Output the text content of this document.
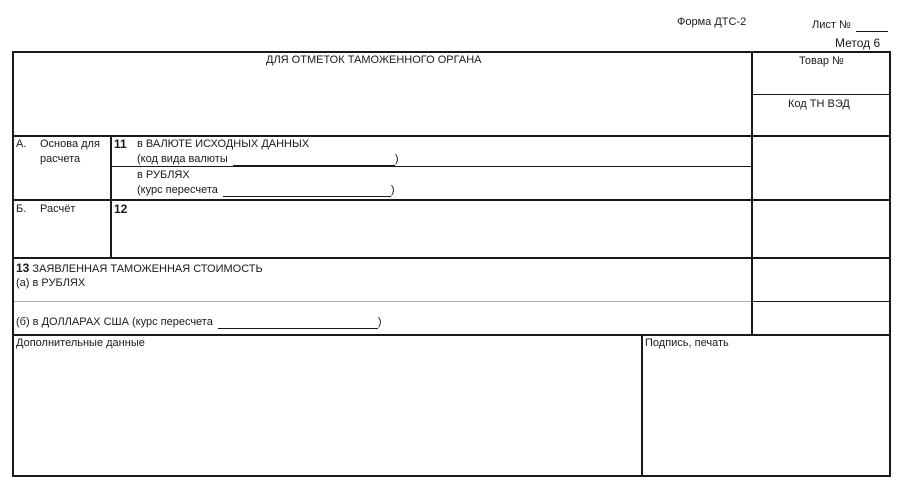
Форма ДТС-2	Лист №
Метод 6
ДЛЯ ОТМЕТОК ТАМОЖЕННОГО ОРГАНА	Товар №
Код ТН ВЭД
А. Основа для
расчета
11 в ВАЛЮТЕ ИСХОДНЫХ ДАННЫХ
(код вида валюты	)
в РУБЛЯХ
(курс пересчета	)
Б. Расчёт	12
13 ЗАЯВЛЕННАЯ ТАМОЖЕННАЯ СТОИМОСТЬ
(а) в РУБЛЯХ
(б) в ДОЛЛАРАХ США (курс пересчета	)
Дополнительные данные	Подпись, печать
